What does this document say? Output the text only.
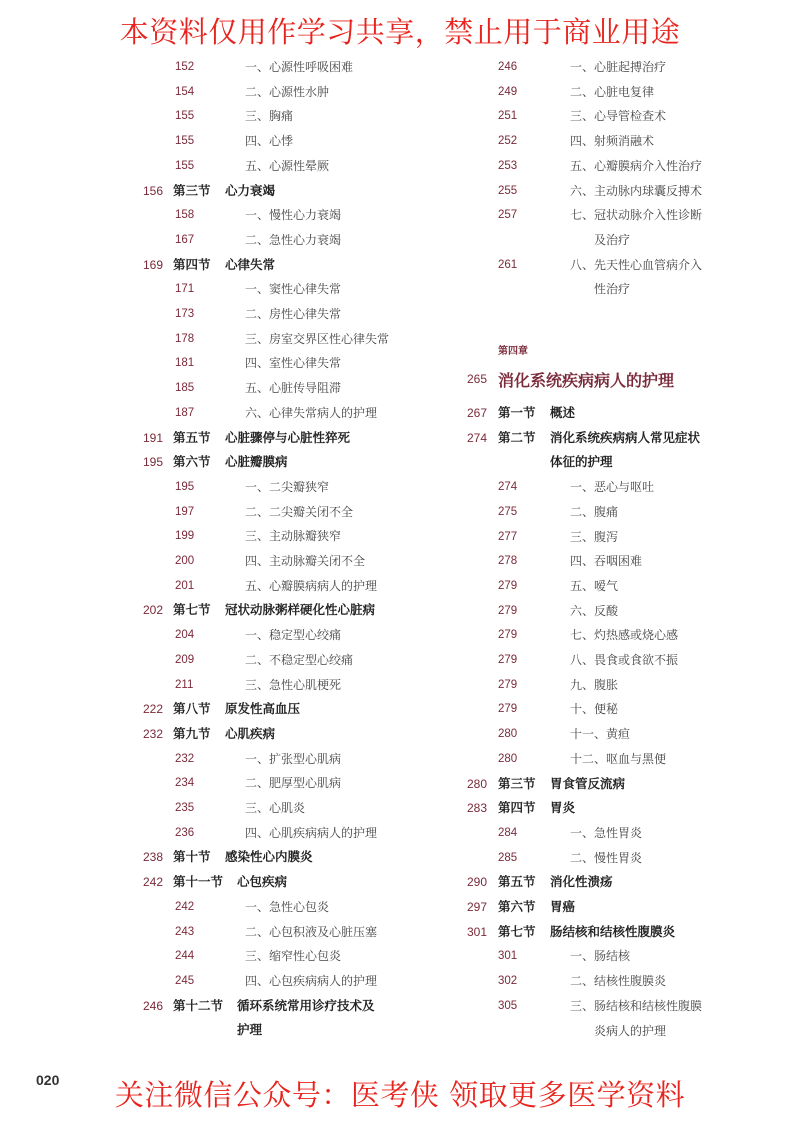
本资料仅用作学习共享，禁止用于商业用途
152	一、心源性呼吸困难
154	二、心源性水肿
155	三、胸痛
155	四、心悸
155	五、心源性晕厥
156 第三节 心力衰竭
158	一、慢性心力衰竭
167	二、急性心力衰竭
169 第四节 心律失常
171	一、窦性心律失常
173	二、房性心律失常
178	三、房室交界区性心律失常
181	四、室性心律失常
185	五、心脏传导阻滞
187	六、心律失常病人的护理
191 第五节 心脏骤停与心脏性猝死
195 第六节 心脏瓣膜病
195	一、二尖瓣狭窄
197	二、二尖瓣关闭不全
199	三、主动脉瓣狭窄
200	四、主动脉瓣关闭不全
201	五、心瓣膜病病人的护理
202 第七节 冠状动脉粥样硬化性心脏病
204	一、稳定型心绞痛
209	二、不稳定型心绞痛
211	三、急性心肌梗死
222 第八节 原发性高血压
232 第九节 心肌疾病
232	一、扩张型心肌病
234	二、肥厚型心肌病
235	三、心肌炎
236	四、心肌疾病病人的护理
238 第十节 感染性心内膜炎
242 第十一节 心包疾病
242	一、急性心包炎
243	二、心包积液及心脏压塞
244	三、缩窄性心包炎
245	四、心包疾病病人的护理
246 第十二节 循环系统常用诊疗技术及
护理
246	一、心脏起搏治疗
249	二、心脏电复律
251	三、心导管检查术
252	四、射频消融术
253	五、心瓣膜病介入性治疗
255	六、主动脉内球囊反搏术
257	七、冠状动脉介入性诊断
及治疗
261	八、先天性心血管病介入
性治疗
267 第一节 概述
274 第二节 消化系统疾病病人常见症状
体征的护理
274	一、恶心与呕吐
275	二、腹痛
277	三、腹泻
278	四、吞咽困难
279	五、嗳气
279	六、反酸
279	七、灼热感或烧心感
279	八、畏食或食欲不振
279	九、腹胀
279	十、便秘
280	十一、黄疸
280	十二、呕血与黑便
280 第三节 胃食管反流病
283 第四节 胃炎
284	一、急性胃炎
285	二、慢性胃炎
290 第五节 消化性溃疡
297 第六节 胃癌
301 第七节 肠结核和结核性腹膜炎
301	一、肠结核
302	二、结核性腹膜炎
305	三、肠结核和结核性腹膜
炎病人的护理
第四章
265 消化系统疾病病人的护理
020	关注微信公众号：医考侠 领取更多医学资料
